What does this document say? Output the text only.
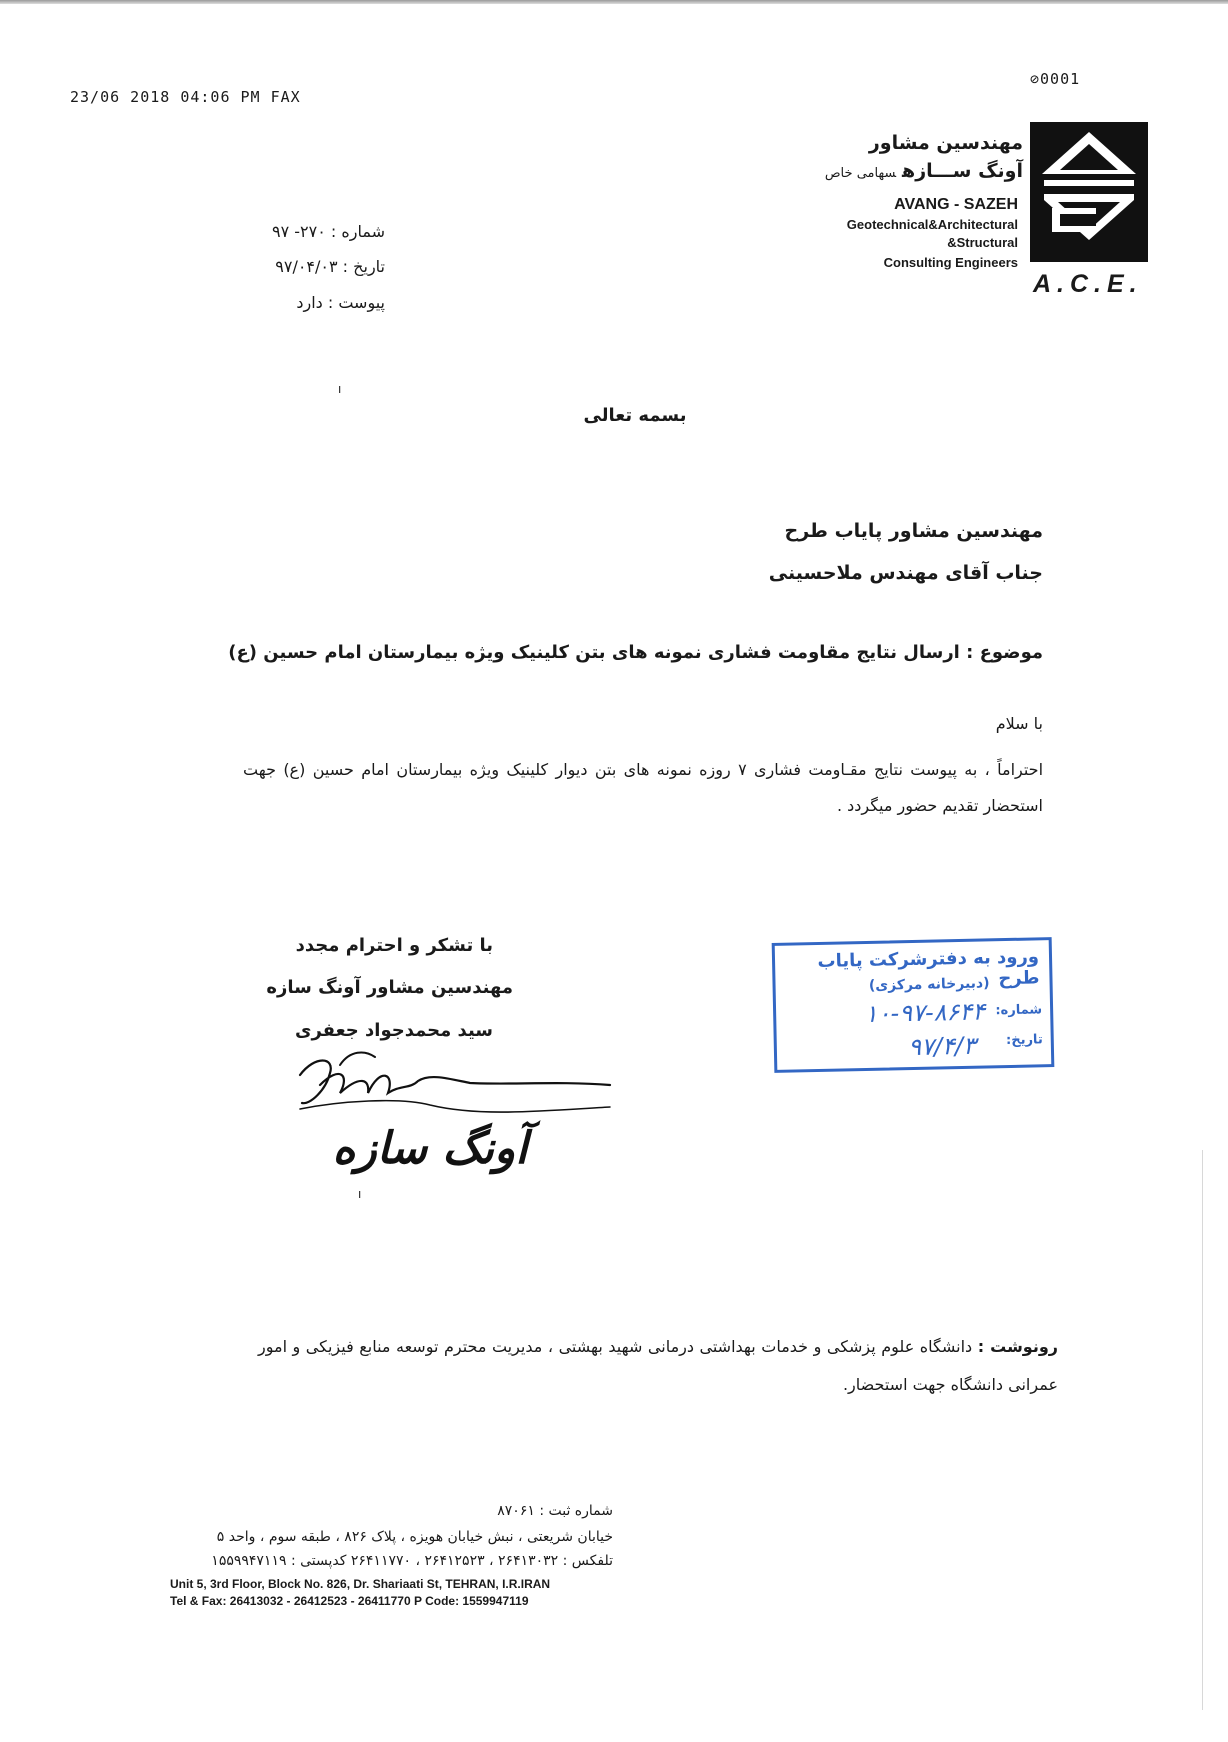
23/06 2018 04:06 PM FAX
⊘0001
مهندسین مشاور
آونگ ســـازهسهامی خاص
AVANG - SAZEH
Geotechnical&Architectural
&Structural
Consulting Engineers
A.C.E.
شماره : ۲۷۰- ۹۷
تاریخ : ۹۷/۰۴/۰۳
پیوست : دارد
ı
ı
بسمه تعالی
مهندسین مشاور پایاب طرح
جناب آقای مهندس ملاحسینی
موضوع : ارسال نتایج مقاومت فشاری نمونه های بتن کلینیک ویژه بیمارستان امام حسین (ع)
با سلام
احتراماً ، به پیوست نتایج مقـاومت فشاری ۷ روزه نمونه های بتن دیوار کلینیک ویژه بیمارستان امام حسین (ع) جهت استحضار تقدیم حضور میگردد .
با تشکر و احترام مجدد
مهندسین مشاور آونگ سازه
سید محمدجواد جعفری
آونگ سازه
ورود به دفترشرکت پایاب طرح
(دبیرخانه مرکزی)
شماره:
۱۰-۹۷-۸۶۴۴
تاریخ:
۹۷/۴/۳
رونوشت : دانشگاه علوم پزشکی و خدمات بهداشتی درمانی شهید بهشتی ، مدیریت محترم توسعه منابع فیزیکی و امور عمرانی دانشگاه جهت استحضار.
شماره ثبت : ۸۷۰۶۱
خیابان شریعتی ، نبش خیابان هویزه ، پلاک ۸۲۶ ، طبقه سوم ، واحد ۵
تلفکس : ۲۶۴۱۳۰۳۲ ، ۲۶۴۱۲۵۲۳ ، ۲۶۴۱۱۷۷۰ کدپستی : ۱۵۵۹۹۴۷۱۱۹
Unit 5, 3rd Floor, Block No. 826, Dr. Shariaati St, TEHRAN, I.R.IRAN
Tel & Fax: 26413032 - 26412523 - 26411770 P Code: 1559947119
